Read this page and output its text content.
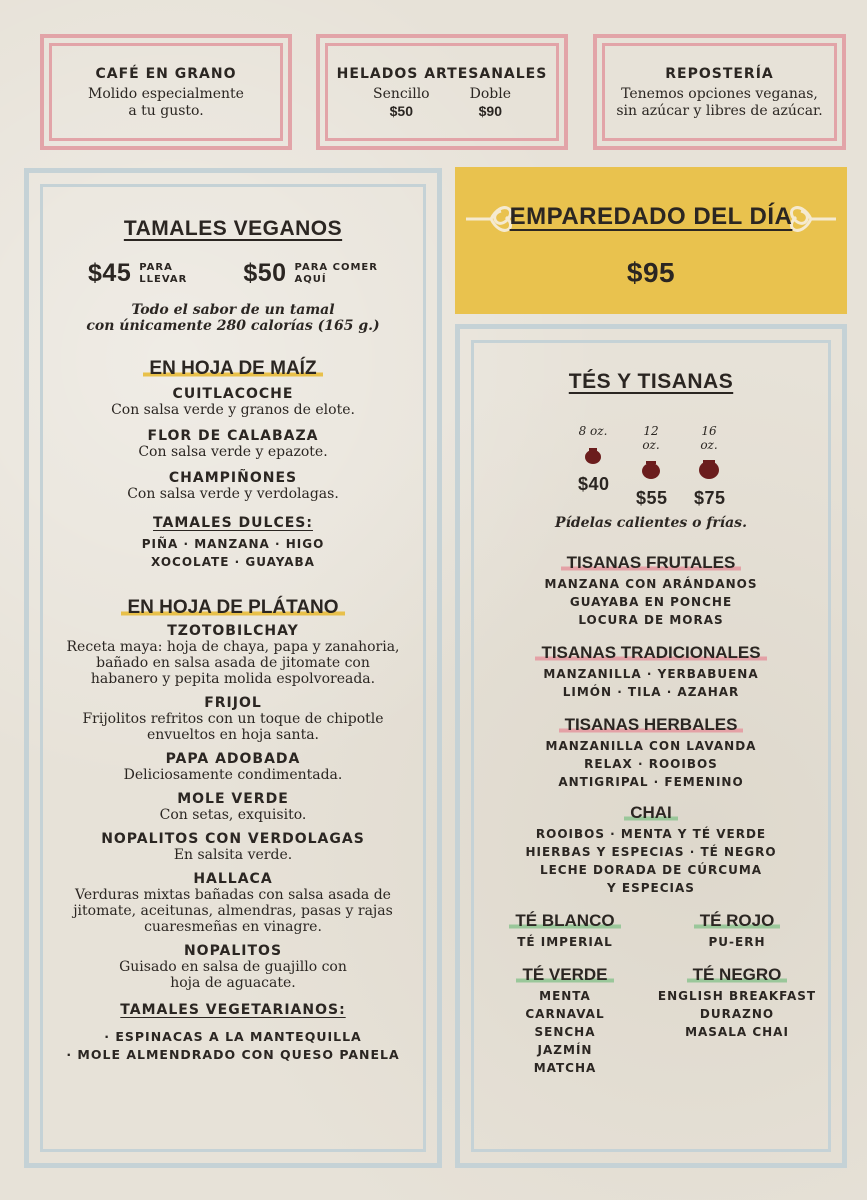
CAFÉ EN GRANO
Molido especialmente
a tu gusto.
HELADOS ARTESANALES
Sencillo
$50
Doble
$90
REPOSTERÍA
Tenemos opciones veganas,
sin azúcar y libres de azúcar.
TAMALES VEGANOS
$45 PARA
LLEVAR $50 PARA COMER
AQUÍ
Todo el sabor de un tamal
con únicamente 280 calorías (165 g.)
EN HOJA DE MAÍZ
CUITLACOCHE
Con salsa verde y granos de elote.
FLOR DE CALABAZA
Con salsa verde y epazote.
CHAMPIÑONES
Con salsa verde y verdolagas.
TAMALES DULCES:
PIÑA · MANZANA · HIGO
XOCOLATE · GUAYABA
EN HOJA DE PLÁTANO
TZOTOBILCHAY
Receta maya: hoja de chaya, papa y zanahoria,
bañado en salsa asada de jitomate con
habanero y pepita molida espolvoreada.
FRIJOL
Frijolitos refritos con un toque de chipotle
envueltos en hoja santa.
PAPA ADOBADA
Deliciosamente condimentada.
MOLE VERDE
Con setas, exquisito.
NOPALITOS CON VERDOLAGAS
En salsita verde.
HALLACA
Verduras mixtas bañadas con salsa asada de
jitomate, aceitunas, almendras, pasas y rajas
cuaresmeñas en vinagre.
NOPALITOS
Guisado en salsa de guajillo con
hoja de aguacate.
TAMALES VEGETARIANOS:
· ESPINACAS A LA MANTEQUILLA
· MOLE ALMENDRADO CON QUESO PANELA
EMPAREDADO DEL DÍA
$95
TÉS Y TISANAS
8 oz.
$40
12 oz.
$55
16 oz.
$75
Pídelas calientes o frías.
TISANAS FRUTALES
MANZANA CON ARÁNDANOS
GUAYABA EN PONCHE
LOCURA DE MORAS
TISANAS TRADICIONALES
MANZANILLA · YERBABUENA
LIMÓN · TILA · AZAHAR
TISANAS HERBALES
MANZANILLA CON LAVANDA
RELAX · ROOIBOS
ANTIGRIPAL · FEMENINO
CHAI
ROOIBOS · MENTA Y TÉ VERDE
HIERBAS Y ESPECIAS · TÉ NEGRO
LECHE DORADA DE CÚRCUMA
Y ESPECIAS
TÉ BLANCO
TÉ IMPERIAL
TÉ ROJO
PU-ERH
TÉ VERDE
MENTA
CARNAVAL
SENCHA
JAZMÍN
MATCHA
TÉ NEGRO
ENGLISH BREAKFAST
DURAZNO
MASALA CHAI
